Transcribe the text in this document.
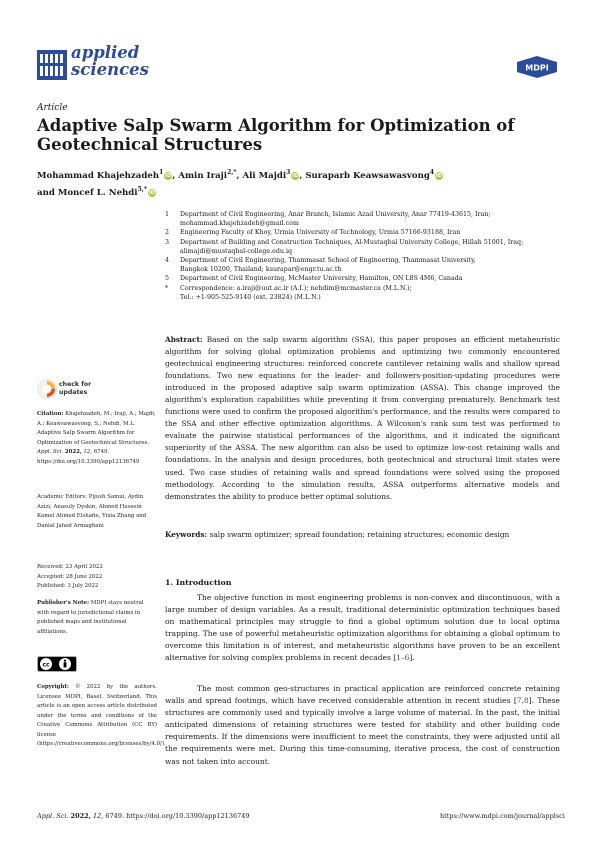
applied
sciences	MDPI
Article
Adaptive Salp Swarm Algorithm for Optimization of Geotechnical Structures
Mohammad Khajehzadeh$^1$ iD, Amin Iraji$^{2,*}$, Ali Majdi$^3$ iD, Suraparb Keawsawasvong$^4$ iD
and Moncef L. Nehdi$^{5,*}$ iD
1	Department of Civil Engineering, Anar Branch, Islamic Azad University, Anar 77419-43615, Iran;
mohammad.khajehzadeh@gmail.com
2	Engineering Faculty of Khoy, Urmia University of Technology, Urmia 57166-93188, Iran
3	Department of Building and Construction Techniques, Al-Mustaqbal University College, Hillah 51001, Iraq;
alimajdi@mustaqbal-college.edu.iq
4	Department of Civil Engineering, Thammasat School of Engineering, Thammasat University,
Bangkok 10200, Thailand; ksurapar@engr.tu.ac.th
5	Department of Civil Engineering, McMaster University, Hamilton, ON L8S 4M6, Canada
*	Correspondence: a.iraji@uut.ac.ir (A.I.); nehdim@mcmaster.ca (M.L.N.);
Tel.: +1-905-525-9140 (ext. 23824) (M.L.N.)
Abstract: Based on the salp swarm algorithm (SSA), this paper proposes an efficient metaheuristic algorithm for solving global optimization problems and optimizing two commonly encountered geotechnical engineering structures: reinforced concrete cantilever retaining walls and shallow spread foundations. Two new equations for the leader- and followers-position-updating procedures were introduced in the proposed adaptive salp swarm optimization (ASSA). This change improved the algorithm's exploration capabilities while preventing it from converging prematurely. Benchmark test functions were used to confirm the proposed algorithm's performance, and the results were compared to the SSA and other effective optimization algorithms. A Wilcoxon's rank sum test was performed to evaluate the pairwise statistical performances of the algorithms, and it indicated the significant superiority of the ASSA. The new algorithm can also be used to optimize low-cost retaining walls and foundations. In the analysis and design procedures, both geotechnical and structural limit states were used. Two case studies of retaining walls and spread foundations were solved using the proposed methodology. According to the simulation results, ASSA outperforms alternative models and demonstrates the ability to produce better optimal solutions.
Keywords: salp swarm optimizer; spread foundation; retaining structures; economic design
check for
updates
Citation: Khajehzadeh, M.; Iraji, A.; Majdi, A.; Keawsawasvong, S.; Nehdi, M.L. Adaptive Salp Swarm Algorithm for Optimization of Geotechnical Structures. Appl. Sci. 2022, 12, 6749. https://doi.org/10.3390/app12136749
Academic Editors: Pijush Samui, Aydin Azizi, Anasuly Dyskin, Ahmed Hussein Kamel Ahmed Elshafie, Yixia Zhang and Danial Jahed Armaghani
Received: 23 April 2022
Accepted: 28 June 2022
Published: 3 July 2022
Publisher's Note: MDPI stays neutral with regard to jurisdictional claims in published maps and institutional affiliations.
cc
Copyright: © 2022 by the authors. Licensee MDPI, Basel, Switzerland. This article is an open access article distributed under the terms and conditions of the Creative Commons Attribution (CC BY) license (https://creativecommons.org/licenses/by/4.0/).
1. Introduction

The objective function in most engineering problems is non-convex and discontinuous, with a large number of design variables. As a result, traditional deterministic optimization techniques based on mathematical principles may struggle to find a global optimum solution due to local optima trapping. The use of powerful metaheuristic optimization algorithms for obtaining a global optimum to overcome this limitation is of interest, and metaheuristic algorithms have proven to be an excellent alternative for solving complex problems in recent decades [1–6].

The most common geo-structures in practical application are reinforced concrete retaining walls and spread footings, which have received considerable attention in recent studies [7,8]. These structures are commonly used and typically involve a large volume of material. In the past, the initial anticipated dimensions of retaining structures were tested for stability and other building code requirements. If the dimensions were insufficient to meet the constraints, they were adjusted until all the requirements were met. During this time-consuming, iterative process, the cost of construction was not taken into account.

Appl. Sci. 2022, 12, 6749. https://doi.org/10.3390/app12136749	https://www.mdpi.com/journal/applsci
